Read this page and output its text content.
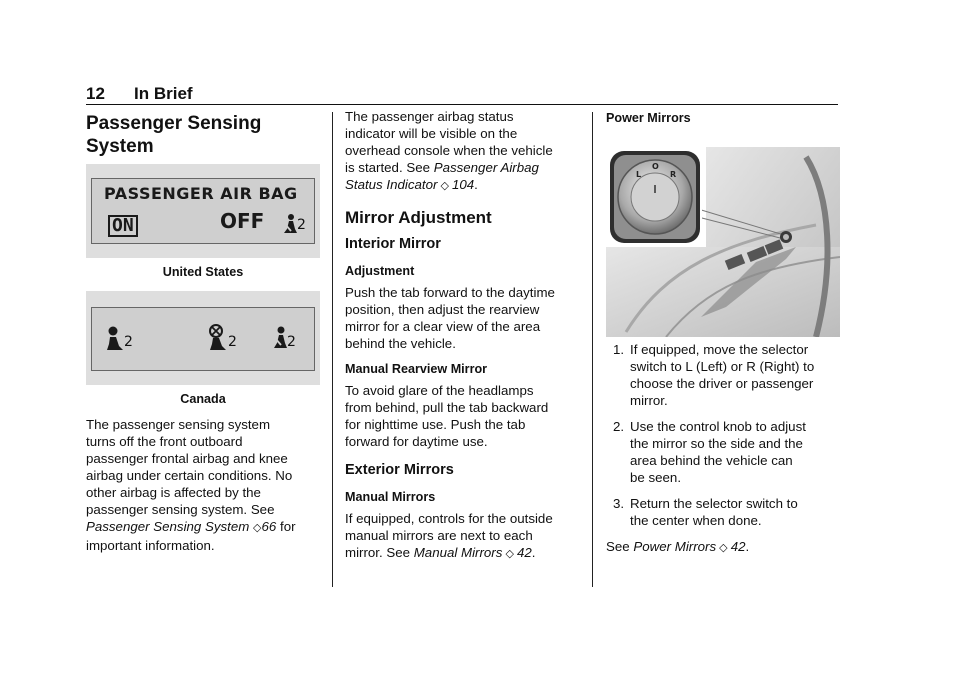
12 In Brief
Passenger Sensing
System
PASSENGER AIR BAG
ON	OFF 2
United States
2	2	2
Canada
The passenger sensing system
turns off the front outboard
passenger frontal airbag and knee
airbag under certain conditions. No
other airbag is affected by the
passenger sensing system. See
Passenger Sensing System ◇66 for
important information.
The passenger airbag status
indicator will be visible on the
overhead console when the vehicle
is started. See Passenger Airbag
Status Indicator ◇ 104.
Mirror Adjustment
Interior Mirror
Adjustment
Push the tab forward to the daytime
position, then adjust the rearview
mirror for a clear view of the area
behind the vehicle.
Manual Rearview Mirror
To avoid glare of the headlamps
from behind, pull the tab backward
for nighttime use. Push the tab
forward for daytime use.
Exterior Mirrors
Manual Mirrors
If equipped, controls for the outside
manual mirrors are next to each
mirror. See Manual Mirrors ◇ 42.
Power Mirrors
L
O
R
1. If equipped, move the selector
switch to L (Left) or R (Right) to
choose the driver or passenger
mirror.
2. Use the control knob to adjust
the mirror so the side and the
area behind the vehicle can
be seen.
3. Return the selector switch to
the center when done.
See Power Mirrors ◇ 42.
